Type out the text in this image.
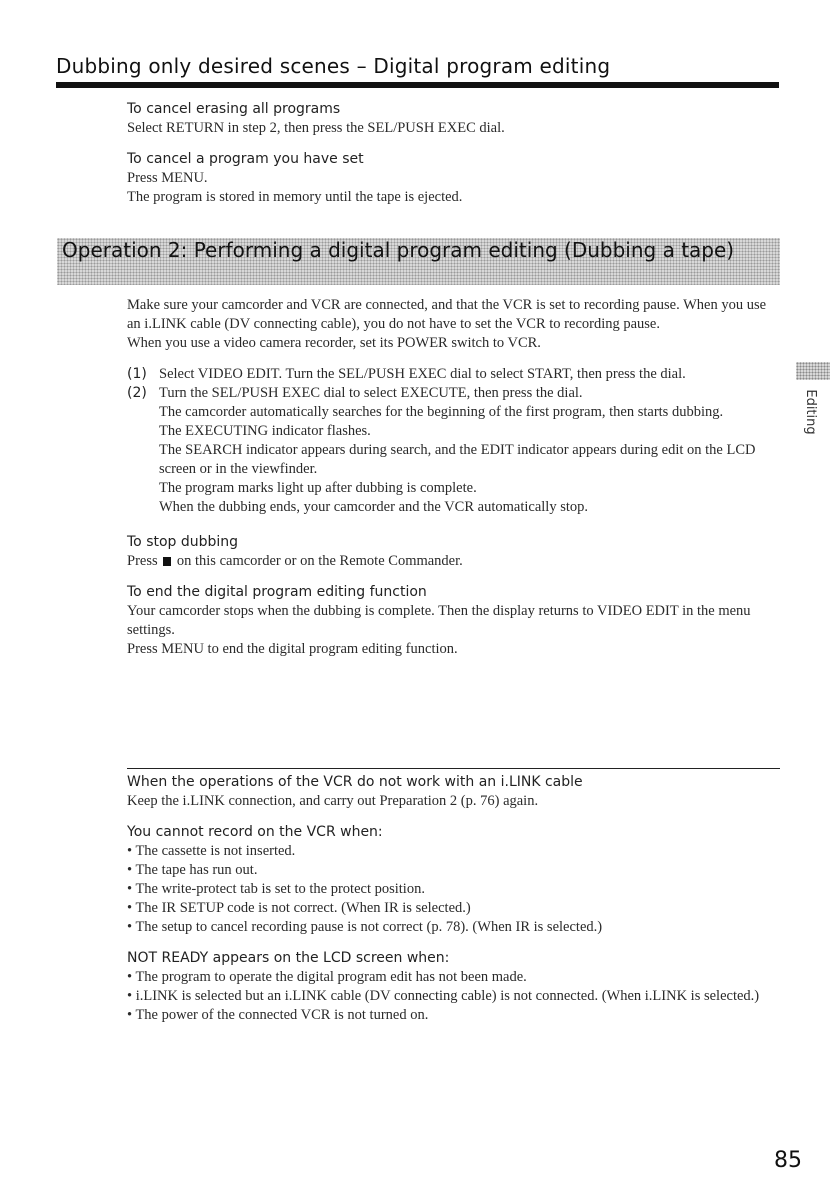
Dubbing only desired scenes – Digital program editing

To cancel erasing all programs

Select RETURN in step 2, then press the SEL/PUSH EXEC dial.

To cancel a program you have set

Press MENU.

The program is stored in memory until the tape is ejected.

Operation 2: Performing a digital program editing (Dubbing a tape)

Make sure your camcorder and VCR are connected, and that the VCR is set to recording pause. When you use an i.LINK cable (DV connecting cable), you do not have to set the VCR to recording pause.

When you use a video camera recorder, set its POWER switch to VCR.

(1) Select VIDEO EDIT. Turn the SEL/PUSH EXEC dial to select START, then press the dial.
(2) Turn the SEL/PUSH EXEC dial to select EXECUTE, then press the dial.

The camcorder automatically searches for the beginning of the first program, then starts dubbing.

The EXECUTING indicator flashes.

The SEARCH indicator appears during search, and the EDIT indicator appears during edit on the LCD screen or in the viewfinder.

The program marks light up after dubbing is complete.

When the dubbing ends, your camcorder and the VCR automatically stop.

To stop dubbing

Press on this camcorder or on the Remote Commander.

To end the digital program editing function

Your camcorder stops when the dubbing is complete. Then the display returns to VIDEO EDIT in the menu settings.

Press MENU to end the digital program editing function.

Editing

When the operations of the VCR do not work with an i.LINK cable

Keep the i.LINK connection, and carry out Preparation 2 (p. 76) again.

You cannot record on the VCR when:

• The cassette is not inserted.

• The tape has run out.

• The write-protect tab is set to the protect position.

• The IR SETUP code is not correct. (When IR is selected.)

• The setup to cancel recording pause is not correct (p. 78). (When IR is selected.)

NOT READY appears on the LCD screen when:

• The program to operate the digital program edit has not been made.

• i.LINK is selected but an i.LINK cable (DV connecting cable) is not connected. (When i.LINK is selected.)

• The power of the connected VCR is not turned on.

85
